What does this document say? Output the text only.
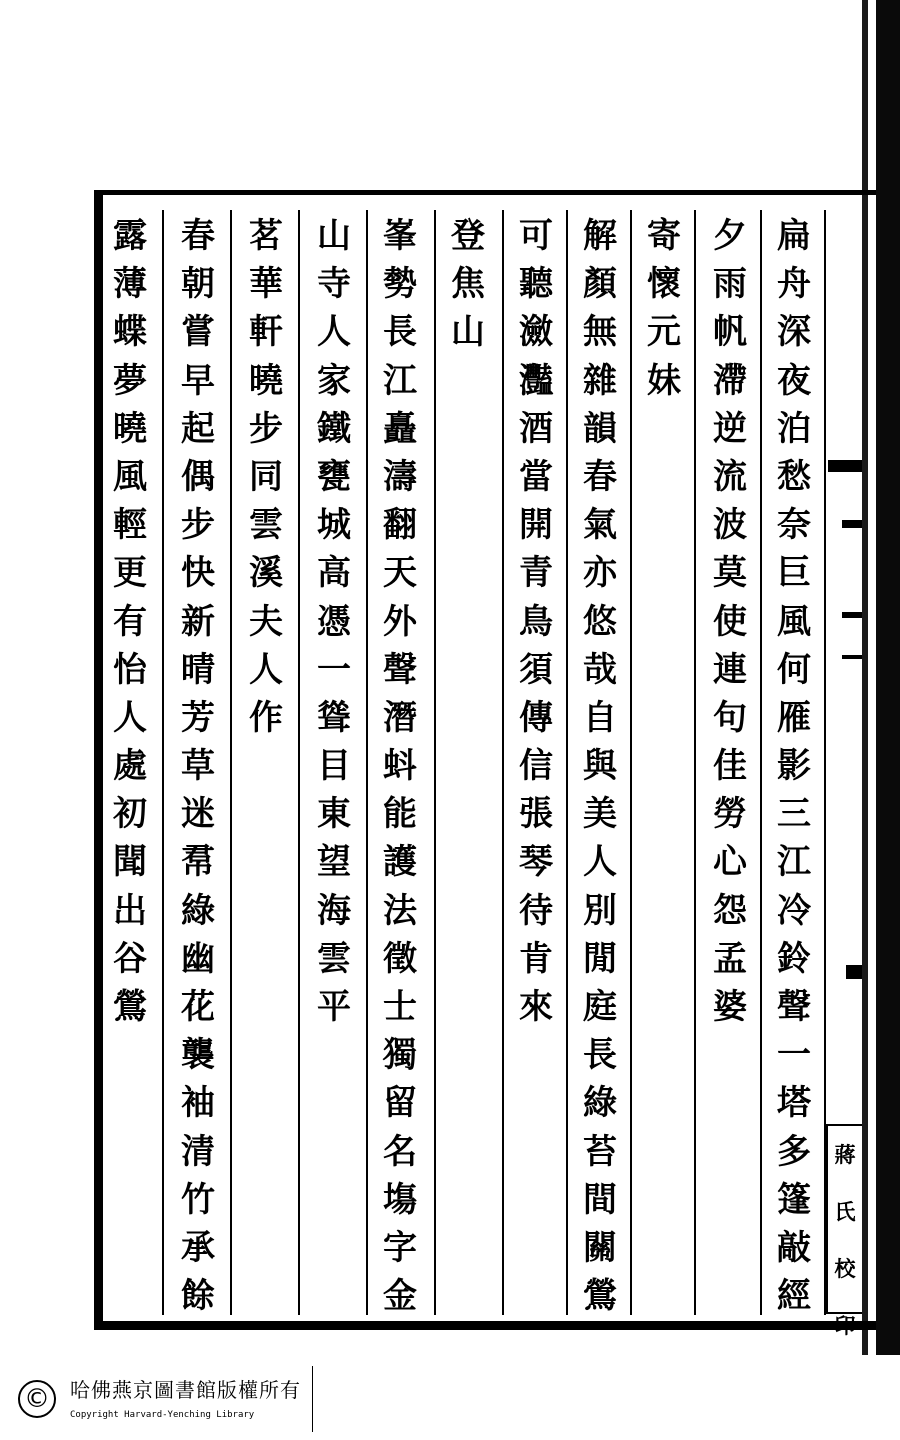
扁
舟
深
夜
泊
愁
奈
巨
風
何
雁
影
三
江
冷
鈴
聲
一
塔
多
篷
敲
經
夕
雨
帆
滯
逆
流
波
莫
使
連
句
佳
勞
心
怨
孟
婆
寄
懷
元
妹
解
顏
無
雜
韻
春
氣
亦
悠
哉
自
與
美
人
別
閒
庭
長
綠
苔
間
關
鶯
可
聽
瀲
灩
酒
當
開
青
鳥
須
傳
信
張
琴
待
肯
來
登
焦
山
峯
勢
長
江
矗
濤
翻
天
外
聲
潛
蚪
能
護
法
徵
士
獨
留
名
塲
字
金
山
寺
人
家
鐵
甕
城
高
憑
一
聳
目
東
望
海
雲
平
茗
華
軒
曉
步
同
雲
溪
夫
人
作
春
朝
嘗
早
起
偶
步
快
新
晴
芳
草
迷
帬
綠
幽
花
襲
袖
清
竹
承
餘
露
薄
蝶
夢
曉
風
輕
更
有
怡
人
處
初
聞
出
谷
鶯
蔣
氏
校
印
©	哈佛燕京圖書館版權所有
Copyright Harvard-Yenching Library
